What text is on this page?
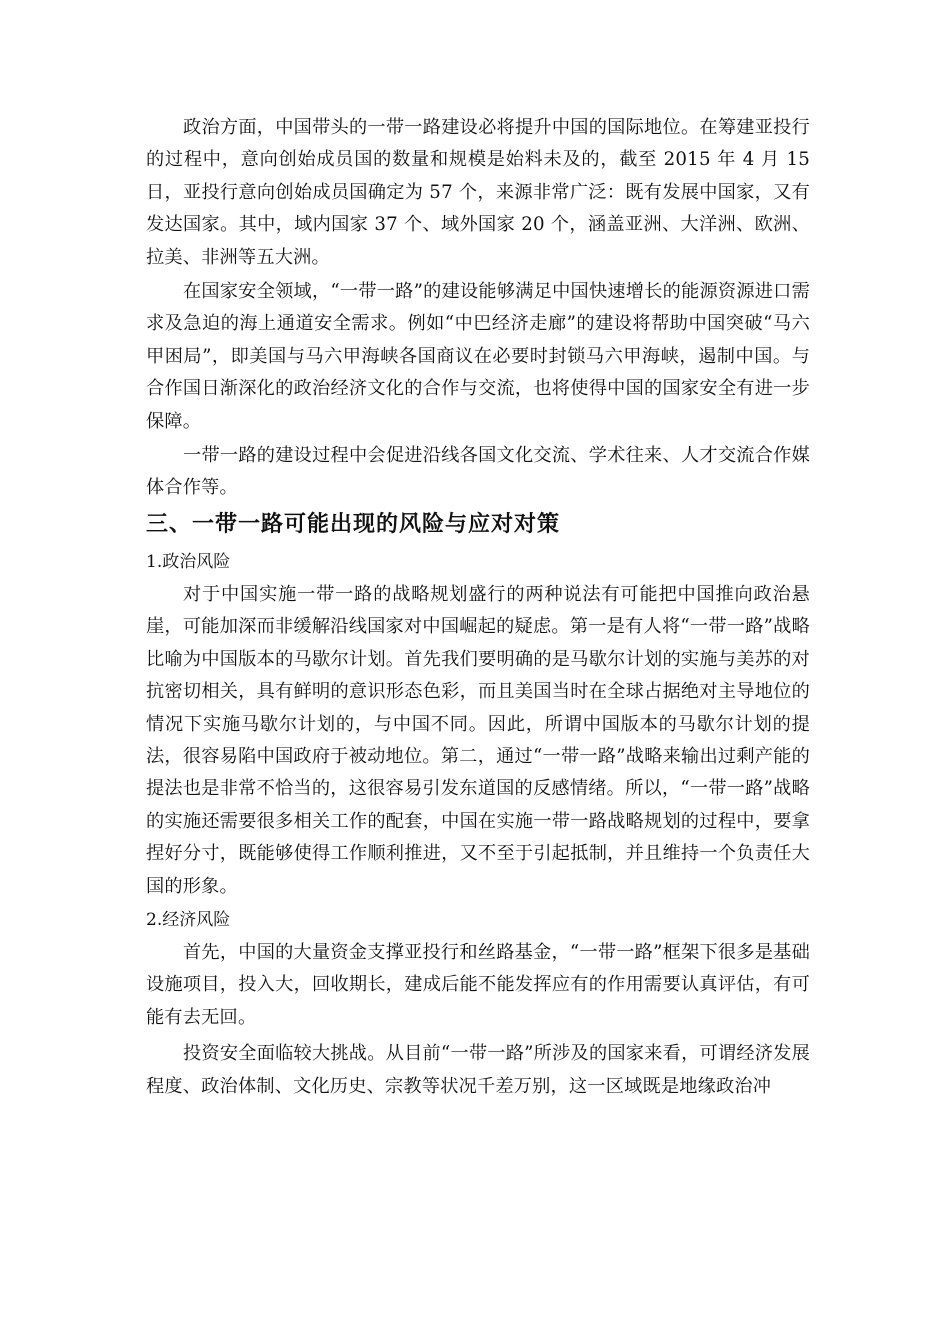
政治方面，中国带头的一带一路建设必将提升中国的国际地位。在筹建亚投行的过程中，意向创始成员国的数量和规模是始料未及的，截至 2015 年 4 月 15 日，亚投行意向创始成员国确定为 57 个，来源非常广泛：既有发展中国家，又有发达国家。其中，域内国家 37 个、域外国家 20 个，涵盖亚洲、大洋洲、欧洲、拉美、非洲等五大洲。

在国家安全领域，“一带一路”的建设能够满足中国快速增长的能源资源进口需求及急迫的海上通道安全需求。例如“中巴经济走廊”的建设将帮助中国突破“马六甲困局”，即美国与马六甲海峡各国商议在必要时封锁马六甲海峡，遏制中国。与合作国日渐深化的政治经济文化的合作与交流，也将使得中国的国家安全有进一步保障。

一带一路的建设过程中会促进沿线各国文化交流、学术往来、人才交流合作媒体合作等。

三、一带一路可能出现的风险与应对对策
1.政治风险

对于中国实施一带一路的战略规划盛行的两种说法有可能把中国推向政治悬崖，可能加深而非缓解沿线国家对中国崛起的疑虑。第一是有人将“一带一路”战略比喻为中国版本的马歇尔计划。首先我们要明确的是马歇尔计划的实施与美苏的对抗密切相关，具有鲜明的意识形态色彩，而且美国当时在全球占据绝对主导地位的情况下实施马歇尔计划的，与中国不同。因此，所谓中国版本的马歇尔计划的提法，很容易陷中国政府于被动地位。第二，通过“一带一路”战略来输出过剩产能的提法也是非常不恰当的，这很容易引发东道国的反感情绪。所以，“一带一路”战略的实施还需要很多相关工作的配套，中国在实施一带一路战略规划的过程中，要拿捏好分寸，既能够使得工作顺利推进，又不至于引起抵制，并且维持一个负责任大国的形象。

2.经济风险

首先，中国的大量资金支撑亚投行和丝路基金，“一带一路”框架下很多是基础设施项目，投入大，回收期长，建成后能不能发挥应有的作用需要认真评估，有可能有去无回。

投资安全面临较大挑战。从目前“一带一路”所涉及的国家来看，可谓经济发展程度、政治体制、文化历史、宗教等状况千差万别，这一区域既是地缘政治冲
